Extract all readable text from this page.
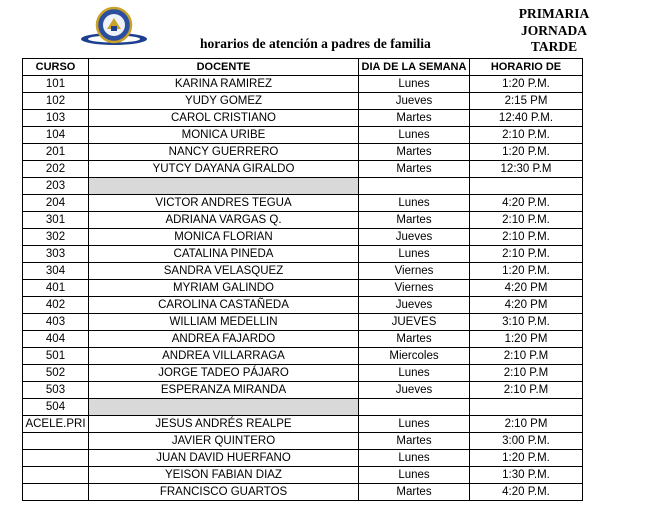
horarios de atención a padres de familia
PRIMARIA
JORNADA
TARDE
CURSO	DOCENTE	DIA DE LA SEMANA	HORARIO DE
101	KARINA RAMIREZ	Lunes	1:20 P.M.
102	YUDY GOMEZ	Jueves	2:15 PM
103	CAROL CRISTIANO	Martes	12:40 P.M.
104	MONICA URIBE	Lunes	2:10 P.M.
201	NANCY GUERRERO	Martes	1:20 P.M.
202	YUTCY DAYANA GIRALDO	Martes	12:30 P.M
203			
204	VICTOR ANDRES TEGUA	Lunes	4:20 P.M.
301	ADRIANA VARGAS Q.	Martes	2:10 P.M.
302	MONICA FLORIAN	Jueves	2:10 P.M.
303	CATALINA PINEDA	Lunes	2:10 P.M.
304	SANDRA VELASQUEZ	Viernes	1:20 P.M.
401	MYRIAM GALINDO	Viernes	4:20 PM
402	CAROLINA CASTAÑEDA	Jueves	4:20 PM
403	WILLIAM MEDELLIN	JUEVES	3:10 P.M.
404	ANDREA FAJARDO	Martes	1:20 PM
501	ANDREA VILLARRAGA	Miercoles	2:10 P.M
502	JORGE TADEO PÁJARO	Lunes	2:10 P.M
503	ESPERANZA MIRANDA	Jueves	2:10 P.M
504			
ACELE.PRI	JESUS ANDRÉS REALPE	Lunes	2:10 PM
	JAVIER QUINTERO	Martes	3:00 P.M.
	JUAN DAVID HUERFANO	Lunes	1:20 P.M.
	YEISON FABIAN DIAZ	Lunes	1:30 P.M.
	FRANCISCO GUARTOS	Martes	4:20 P.M.
